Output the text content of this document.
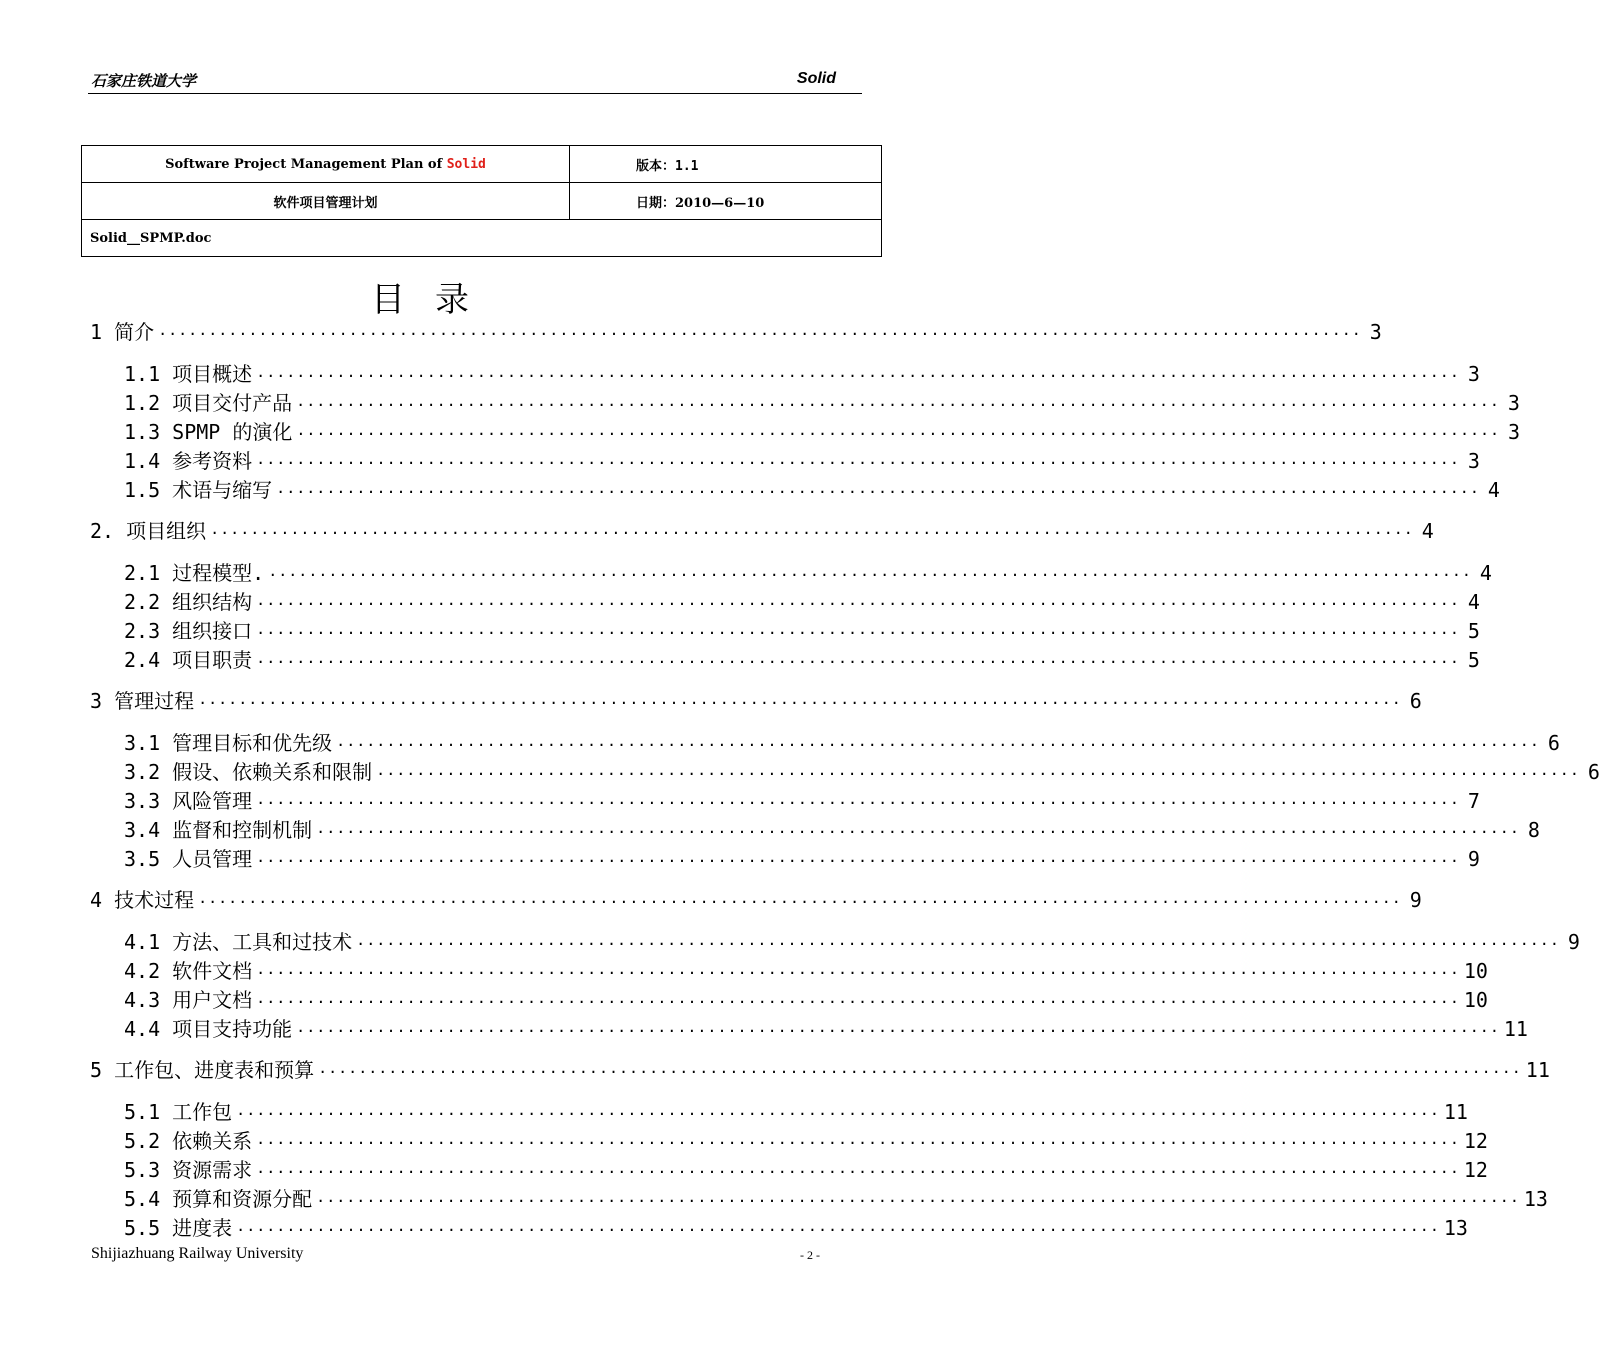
石家庄铁道大学	Solid
Software Project Management Plan of Solid	版本：1.1
软件项目管理计划	日期：2010—6—10
Solid__SPMP.doc	
目录
1 简介 ························································································································ 3
1.1 项目概述 ························································································································ 3
1.2 项目交付产品 ························································································································ 3
1.3 SPMP 的演化 ························································································································ 3
1.4 参考资料 ························································································································ 3
1.5 术语与缩写 ························································································································ 4
2. 项目组织 ························································································································ 4
2.1 过程模型. ························································································································ 4
2.2 组织结构 ························································································································ 4
2.3 组织接口 ························································································································ 5
2.4 项目职责 ························································································································ 5
3 管理过程 ························································································································ 6
3.1 管理目标和优先级 ························································································································ 6
3.2 假设、依赖关系和限制 ························································································································ 6
3.3 风险管理 ························································································································ 7
3.4 监督和控制机制 ························································································································ 8
3.5 人员管理 ························································································································ 9
4 技术过程 ························································································································ 9
4.1 方法、工具和过技术 ························································································································ 9
4.2 软件文档 ························································································································ 10
4.3 用户文档 ························································································································ 10
4.4 项目支持功能 ························································································································ 11
5 工作包、进度表和预算 ························································································································ 11
5.1 工作包 ························································································································ 11
5.2 依赖关系 ························································································································ 12
5.3 资源需求 ························································································································ 12
5.4 预算和资源分配 ························································································································ 13
5.5 进度表 ························································································································ 13
Shijiazhuang Railway University	- 2 -
